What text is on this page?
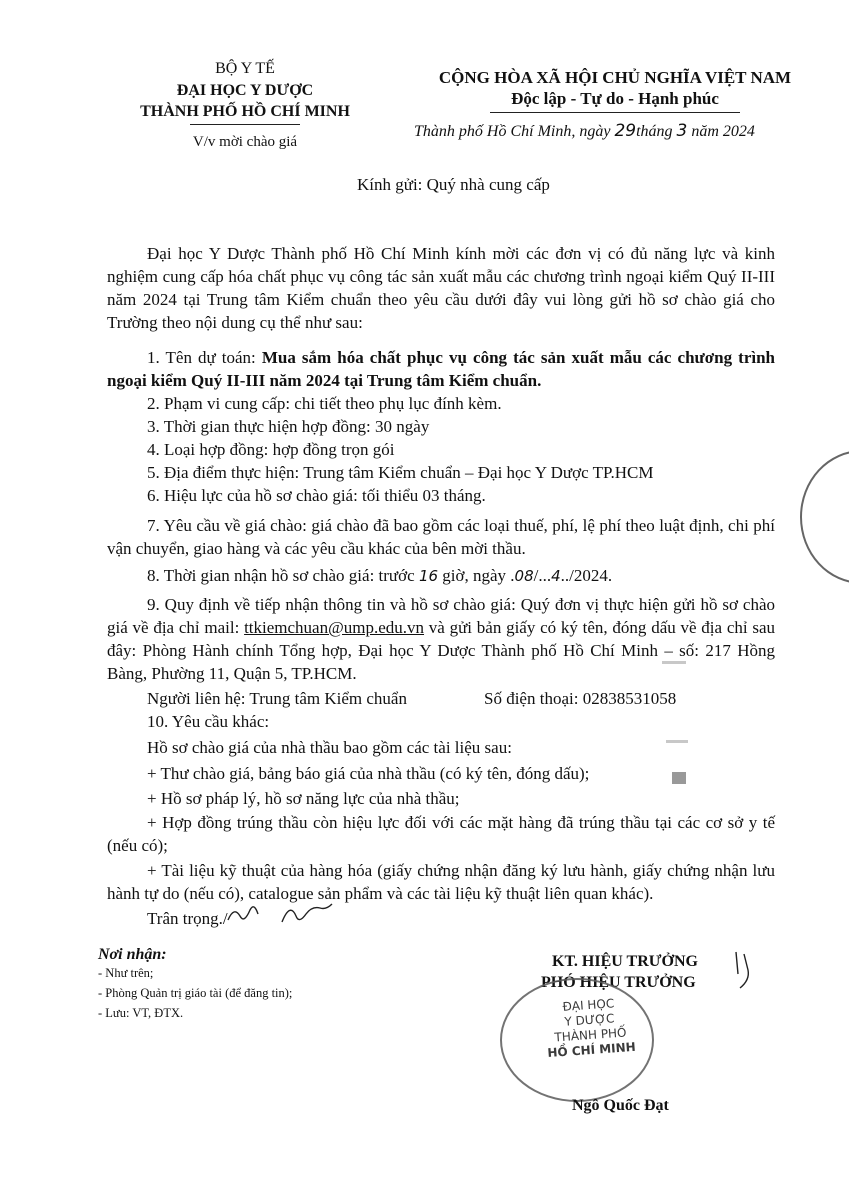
BỘ Y TẾ
ĐẠI HỌC Y DƯỢC
THÀNH PHỐ HỒ CHÍ MINH
V/v mời chào giá
CỘNG HÒA XÃ HỘI CHỦ NGHĨA VIỆT NAM
Độc lập - Tự do - Hạnh phúc
Thành phố Hồ Chí Minh, ngày 29tháng 3 năm 2024
Kính gửi: Quý nhà cung cấp
Đại học Y Dược Thành phố Hồ Chí Minh kính mời các đơn vị có đủ năng lực và kinh nghiệm cung cấp hóa chất phục vụ công tác sản xuất mẫu các chương trình ngoại kiểm Quý II-III năm 2024 tại Trung tâm Kiểm chuẩn theo yêu cầu dưới đây vui lòng gửi hồ sơ chào giá cho Trường theo nội dung cụ thể như sau:
1. Tên dự toán: Mua sắm hóa chất phục vụ công tác sản xuất mẫu các chương trình ngoại kiểm Quý II-III năm 2024 tại Trung tâm Kiểm chuẩn.
2. Phạm vi cung cấp: chi tiết theo phụ lục đính kèm.
3. Thời gian thực hiện hợp đồng: 30 ngày
4. Loại hợp đồng: hợp đồng trọn gói
5. Địa điểm thực hiện: Trung tâm Kiểm chuẩn – Đại học Y Dược TP.HCM
6. Hiệu lực của hồ sơ chào giá: tối thiểu 03 tháng.
7. Yêu cầu về giá chào: giá chào đã bao gồm các loại thuế, phí, lệ phí theo luật định, chi phí vận chuyển, giao hàng và các yêu cầu khác của bên mời thầu.
8. Thời gian nhận hồ sơ chào giá: trước 16 giờ, ngày .08/...4../2024.
9. Quy định về tiếp nhận thông tin và hồ sơ chào giá: Quý đơn vị thực hiện gửi hồ sơ chào giá về địa chỉ mail: ttkiemchuan@ump.edu.vn và gửi bản giấy có ký tên, đóng dấu về địa chỉ sau đây: Phòng Hành chính Tổng hợp, Đại học Y Dược Thành phố Hồ Chí Minh – số: 217 Hồng Bàng, Phường 11, Quận 5, TP.HCM.
Người liên hệ: Trung tâm Kiểm chuẩn	Số điện thoại: 02838531058
10. Yêu cầu khác:
Hồ sơ chào giá của nhà thầu bao gồm các tài liệu sau:
+ Thư chào giá, bảng báo giá của nhà thầu (có ký tên, đóng dấu);
+ Hồ sơ pháp lý, hồ sơ năng lực của nhà thầu;
+ Hợp đồng trúng thầu còn hiệu lực đối với các mặt hàng đã trúng thầu tại các cơ sở y tế (nếu có);
+ Tài liệu kỹ thuật của hàng hóa (giấy chứng nhận đăng ký lưu hành, giấy chứng nhận lưu hành tự do (nếu có), catalogue sản phẩm và các tài liệu kỹ thuật liên quan khác).
Trân trọng./
Nơi nhận:
- Như trên;
- Phòng Quản trị giáo tài (để đăng tin);
- Lưu: VT, ĐTX.
KT. HIỆU TRƯỞNG
PHÓ HIỆU TRƯỞNG
ĐẠI HỌC
Y DƯỢC
THÀNH PHỐ
HỒ CHÍ MINH
Ngô Quốc Đạt
